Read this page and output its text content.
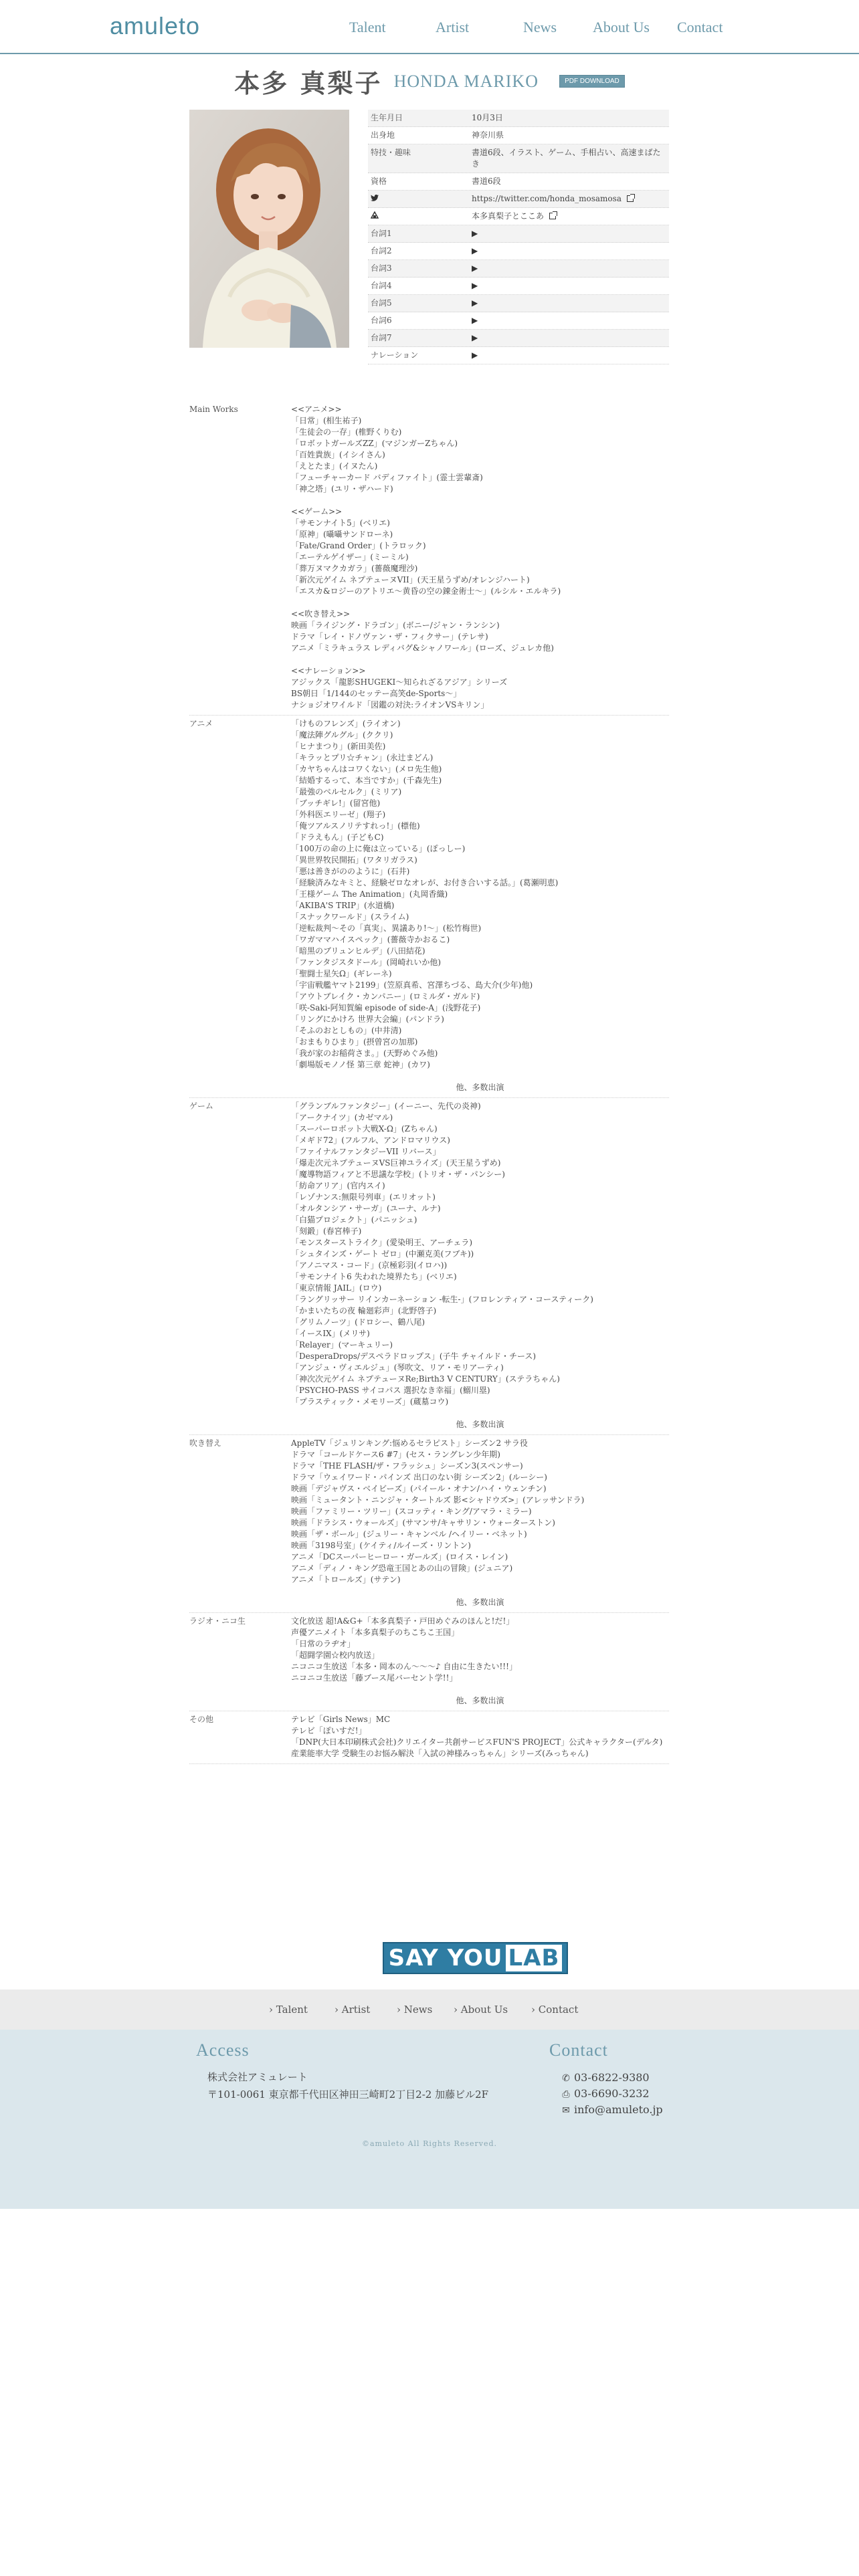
amuleto	Talent	Artist	News About Us Contact
本多 真梨子 HONDA MARIKO	PDF DOWNLOAD
生年月日	10月3日
出身地	神奈川県
特技・趣味	書道6段、イラスト、ゲーム、手相占い、高速まばたき
資格	書道6段
https://twitter.com/honda_mosamosa
本多真梨子とここあ
台詞1	▶
台詞2	▶
台詞3	▶
台詞4	▶
台詞5	▶
台詞6	▶
台詞7	▶
ナレーション	▶
Main Works	<<アニメ>>
「日常」(相生祐子)
「生徒会の一存」(椎野くりむ)
「ロボットガールズZZ」(マジンガーZちゃん)
「百姓貴族」(イシイさん)
「えとたま」(イヌたん)
「フューチャーカード バディファイト」(霊士雲輩斎)
「神之塔」(ユリ・ザハード)
<<ゲーム>>
「サモンナイト5」(ベリエ)
「原神」(囁囁サンドローネ)
「Fate/Grand Order」(トラロック)
「エーテルゲイザー」(ミーミル)
「葬万ヌマクカガラ」(薔薇魔理沙)
「新次元ゲイム ネプテューヌVII」(天王星うずめ/オレンジハート)
「エスカ&ロジーのアトリエ〜黄昏の空の錬金術士〜」(ルシル・エルキラ)
<<吹き替え>>
映画「ライジング・ドラゴン」(ボニー/ジャン・ランシン)
ドラマ「レイ・ドノヴァン・ザ・フィクサー」(テレサ)
アニメ「ミラキュラス レディバグ&シャノワール」(ローズ、ジュレカ他)
<<ナレーション>>
アジックス「龍影SHUGEKI〜知られざるアジア」シリーズ
BS朝日「1/144のセッテー高笑de-Sports〜」
ナショジオワイルド「図鑑の対決:ライオンVSキリン」
アニメ	「けものフレンズ」(ライオン)
「魔法陣グルグル」(ククリ)
「ヒナまつり」(新田美佐)
「キラッとプリ☆チャン」(永辻まどん)
「カヤちゃんはコワくない」(メロ先生他)
「結婚するって、本当ですか」(千森先生)
「最強のベルセルク」(ミリア)
「ブッチギレ!」(留宮他)
「外科医エリーゼ」(翔子)
「俺ツアルスノリテすれっ!」(標他)
「ドラえもん」(子どもC)
「100万の命の上に俺は立っている」(ぽっしー)
「異世界牧民開拓」(ワタリガラス)
「悪は善きがののように」(石井)
「経験済みなキミと、経験ゼロなオレが、お付き合いする話。」(葛瀬明恵)
「王様ゲーム The Animation」(丸岡香織)
「AKIBA'S TRIP」(水道橋)
「スナックワールド」(スライム)
「逆転裁判〜その「真実」、異議あり!〜」(松竹梅世)
「ワガママハイスペック」(薔薇寺かおるこ)
「暗黒のブリュンヒルデ」(八田結花)
「ファンタジスタドール」(岡崎れいか他)
「聖闘士星矢Ω」(ギレーネ)
「宇宙戦艦ヤマト2199」(笠原真希、宮澤ちづる、島大介(少年)他)
「アウトブレイク・カンパニー」(ロミルダ・ガルド)
「咲-Saki-阿知賀編 episode of side-A」(浅野花子)
「リングにかけろ 世界大会編」(パンドラ)
「そふのおとしもの」(中井清)
「おまもりひまり」(摂曾宮の加那)
「我が家のお稲荷さま。」(天野めぐみ他)
「劇場版モノノ怪 第三章 蛇神」(カワ)
他、多数出演
ゲーム	「グランブルファンタジー」(イーニー、先代の炎神)
「アークナイツ」(カゼマル)
「スーパーロボット大戦X-Ω」(Zちゃん)
「メギド72」(フルフル、アンドロマリウス)
「ファイナルファンタジーVII リバース」
「爆走次元ネプテューヌVS巨神ユライズ」(天王星うずめ)
「魔導物語フィアと不思議な学校」(トリオ・ザ・パンシー)
「紡命アリア」(官内スイ)
「レゾナンス:無限号列車」(エリオット)
「オルタンシア・サーガ」(ユーナ、ルナ)
「白猫プロジェクト」(パニッシュ)
「刻鍛」(春宮棒子)
「モンスターストライク」(愛染明王、アーチェラ)
「シュタインズ・ゲート ゼロ」(中瀬克美(フブキ))
「アノニマス・コード」(京極彩羽(イロハ))
「サモンナイト6 失われた境界たち」(ベリエ)
「東京情報 JAIL」(ロウ)
「ラングリッサー リインカーネーション -転生-」(フロレンティア・コースティーク)
「かまいたちの夜 輪廻彩声」(北野啓子)
「グリムノーツ」(ドロシー、鶴八尾)
「イースIX」(メリサ)
「Relayer」(マーキュリー)
「DesperaDrops/デスペラドロップス」(子牛 チャイルド・チース)
「アンジュ・ヴィエルジュ」(琴吹文、リア・モリアーティ)
「神次次元ゲイム ネプテューヌRe;Birth3 V CENTURY」(ステラちゃん)
「PSYCHO-PASS サイコパス 選択なき幸福」(鰯川塁)
「プラスティック・メモリーズ」(蔵墓コウ)
他、多数出演
吹き替え	AppleTV「ジュリンキング:悩めるセラピスト」シーズン2 サラ役
ドラマ「コールドケース6 #7」(セス・ラングレン少年期)
ドラマ「THE FLASH/ザ・フラッシュ」シーズン3(スペンサー)
ドラマ「ウェイワード・パインズ 出口のない街 シーズン2」(ルーシー)
映画「デジャヴス・ベイビーズ」(パイール・オナン/ハイ・ウェンチン)
映画「ミュータント・ニンジャ・タートルズ 影<シャドウズ>」(アレッサンドラ)
映画「ファミリー・ツリー」(スコッティ・キング/アマラ・ミラー)
映画「ドラシス・ウォールズ」(サマンサ/キャサリン・ウォーターストン)
映画「ザ・ボール」(ジュリー・キャンベル /ヘイリー・ベネット)
映画「3198号室」(ケイティ/ルイーズ・リントン)
アニメ「DCスーパーヒーロー・ガールズ」(ロイス・レイン)
アニメ「ディノ・キング恐竜王国とあの山の冒険」(ジュニア)
アニメ「トロールズ」(サテン)
他、多数出演
ラジオ・ニコ生	文化放送 超!A&G+「本多真梨子・戸田めぐみのほんと!だ!」
声優アニメイト「本多真梨子のちこちこ王国」
「日常のラヂオ」
「超闘学園☆校内放送」
ニコニコ生放送「本多・岡本のん〜〜〜♪ 自由に生きたい!!!」
ニコニコ生放送「藤ブース尾バーセント学!!」
他、多数出演
その他	テレビ「Girls News」MC
テレビ「ぽいすだ!」
「DNP(大日本印刷株式会社)クリエイター共創サービスFUN'S PROJECT」公式キャラクター(デルタ)
産業能率大学 受験生のお悩み解決「入試の神様みっちゃん」シリーズ(みっちゃん)
SAY YOU LAB
› Talent	› Artist	› News › About Us › Contact
Access
株式会社アミュレート
〒101-0061 東京都千代田区神田三崎町2丁目2-2 加藤ビル2F
Contact
✆ 03-6822-9380
⎙ 03-6690-3232
✉ info@amuleto.jp
©amuleto All Rights Reserved.
